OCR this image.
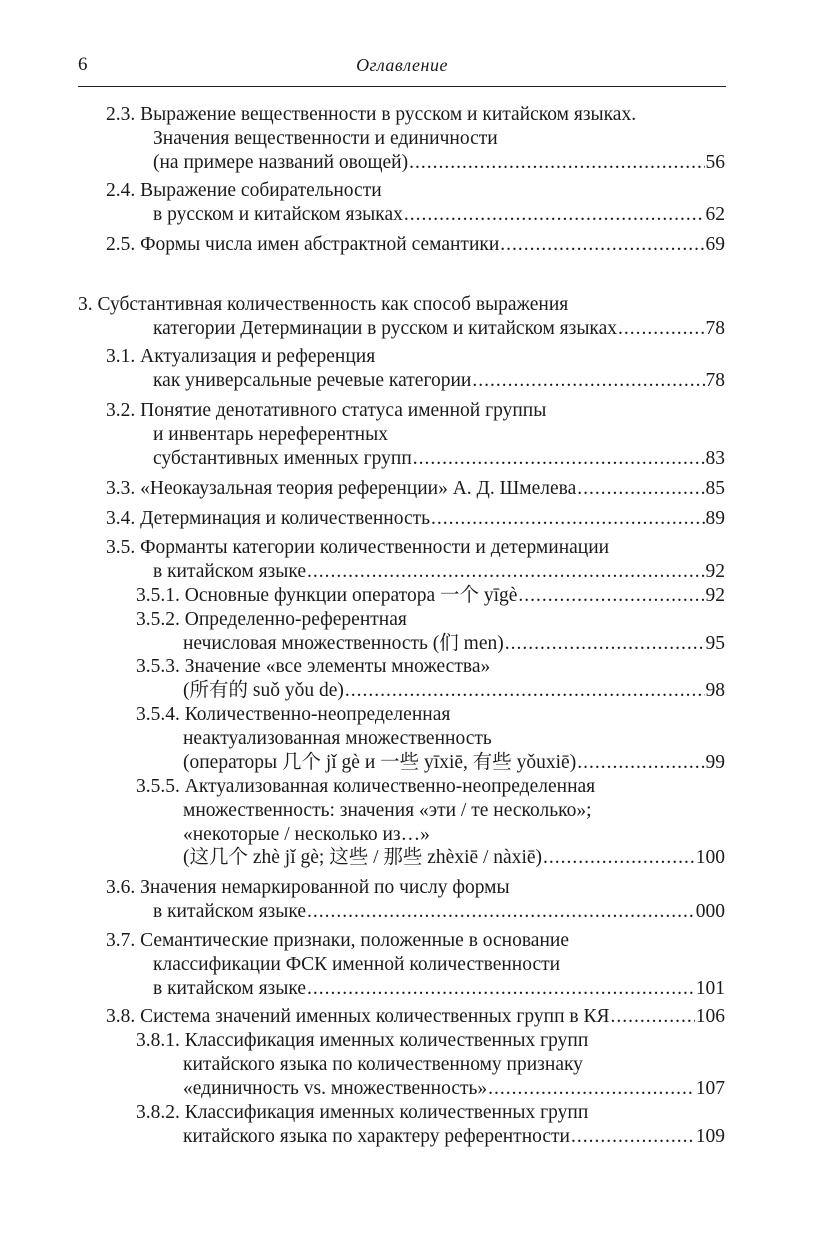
6	Оглавление
2.3. Выражение вещественности в русском и китайском языках.
Значения вещественности и единичности
(на примере названий овощей) .....	56
2.4. Выражение собирательности
в русском и китайском языках .....	62
2.5. Формы числа имен абстрактной семантики .....	69
3. Субстантивная количественность как способ выражения
категории Детерминации в русском и китайском языках .....	78
3.1. Актуализация и референция
как универсальные речевые категории .....	78
3.2. Понятие денотативного статуса именной группы
и инвентарь нереферентных
субстантивных именных групп .....	83
3.3. «Неокаузальная теория референции» А. Д. Шмелева .....	85
3.4. Детерминация и количественность .....	89
3.5. Форманты категории количественности и детерминации
в китайском языке .....	92
3.5.1. Основные функции оператора 一个 yīgè .....	92
3.5.2. Определенно-референтная
нечисловая множественность (们 men) .....	95
3.5.3. Значение «все элементы множества»
(所有的 suǒ yǒu de) .....	98
3.5.4. Количественно-неопределенная
неактуализованная множественность
(операторы 几个 jǐ gè и 一些 yīxiē, 有些 yǒuxiē) .....	99
3.5.5. Актуализованная количественно-неопределенная
множественность: значения «эти / те несколько»;
«некоторые / несколько из…»
(这几个 zhè jǐ gè; 这些 / 那些 zhèxiē / nàxiē) .....	100
3.6. Значения немаркированной по числу формы
в китайском языке .....	000
3.7. Семантические признаки, положенные в основание
классификации ФСК именной количественности
в китайском языке .....	101
3.8. Система значений именных количественных групп в КЯ .....	106
3.8.1. Классификация именных количественных групп
китайского языка по количественному признаку
«единичность vs. множественность» .....	107
3.8.2. Классификация именных количественных групп
китайского языка по характеру референтности .....	109
